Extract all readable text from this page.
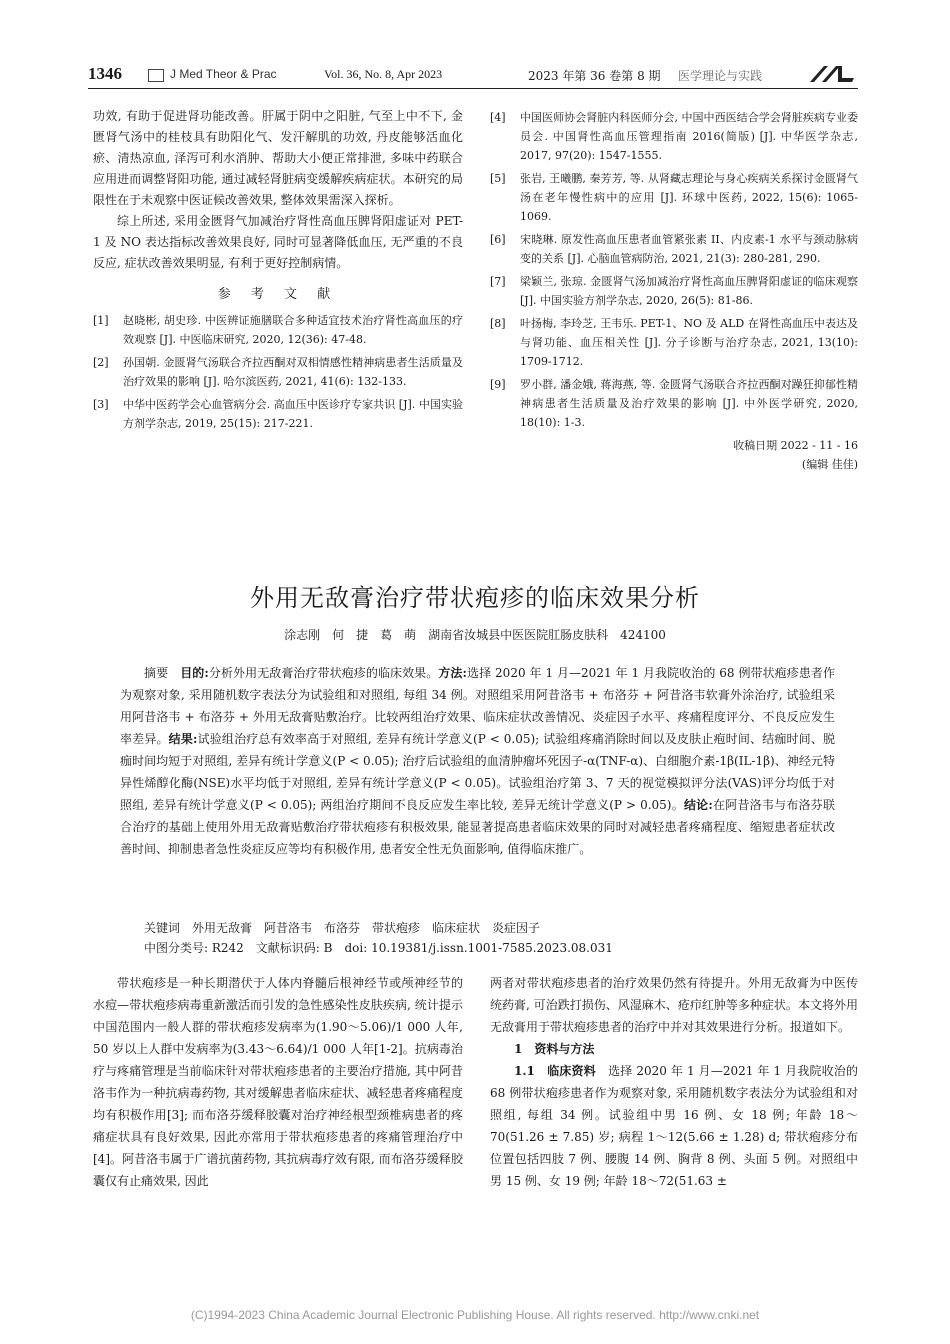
1346	J Med Theor & Prac	Vol. 36, No. 8, Apr 2023	2023 年第 36 卷第 8 期 医学理论与实践

功效, 有助于促进肾功能改善。肝属于阴中之阳脏, 气至上中不下, 金匮肾气汤中的桂枝具有助阳化气、发汗解肌的功效, 丹皮能够活血化瘀、清热凉血, 泽泻可利水消肿、帮助大小便正常排泄, 多味中药联合应用进而调整肾阳功能, 通过减轻肾脏病变缓解疾病症状。本研究的局限性在于未观察中医证候改善效果, 整体效果需深入探析。

综上所述, 采用金匮肾气加减治疗肾性高血压脾肾阳虚证对 PET-1 及 NO 表达指标改善效果良好, 同时可显著降低血压, 无严重的不良反应, 症状改善效果明显, 有利于更好控制病情。

参 考 文 献
[1]	赵晓彬, 胡史珍. 中医辨证施膳联合多种适宜技术治疗肾性高血压的疗效观察 [J]. 中医临床研究, 2020, 12(36): 47-48.
[2]	孙国朝. 金匮肾气汤联合齐拉西酮对双相情感性精神病患者生活质量及治疗效果的影响 [J]. 哈尔滨医药, 2021, 41(6): 132-133.
[3]	中华中医药学会心血管病分会. 高血压中医诊疗专家共识 [J]. 中国实验方剂学杂志, 2019, 25(15): 217-221.
[4]	中国医师协会肾脏内科医师分会, 中国中西医结合学会肾脏疾病专业委员会. 中国肾性高血压管理指南 2016(简版) [J]. 中华医学杂志, 2017, 97(20): 1547-1555.
[5]	张岩, 王曦鹏, 秦芳芳, 等. 从肾藏志理论与身心疾病关系探讨金匮肾气汤在老年慢性病中的应用 [J]. 环球中医药, 2022, 15(6): 1065-1069.
[6]	宋晓琳. 原发性高血压患者血管紧张素 II、内皮素-1 水平与颈动脉病变的关系 [J]. 心脑血管病防治, 2021, 21(3): 280-281, 290.
[7]	梁颖兰, 张琼. 金匮肾气汤加减治疗肾性高血压脾肾阳虚证的临床观察 [J]. 中国实验方剂学杂志, 2020, 26(5): 81-86.
[8]	叶扬梅, 李玲芝, 王韦乐. PET-1、NO 及 ALD 在肾性高血压中表达及与肾功能、血压相关性 [J]. 分子诊断与治疗杂志, 2021, 13(10): 1709-1712.
[9]	罗小群, 潘金娥, 蒋海燕, 等. 金匮肾气汤联合齐拉西酮对躁狂抑郁性精神病患者生活质量及治疗效果的影响 [J]. 中外医学研究, 2020, 18(10): 1-3.
收稿日期 2022 - 11 - 16
(编辑 佳佳)
外用无敌膏治疗带状疱疹的临床效果分析
涂志刚　何　捷　葛　萌　湖南省汝城县中医医院肛肠皮肤科　424100

摘要　 目的:分析外用无敌膏治疗带状疱疹的临床效果。方法:选择 2020 年 1 月—2021 年 1 月我院收治的 68 例带状疱疹患者作为观察对象, 采用随机数字表法分为试验组和对照组, 每组 34 例。对照组采用阿昔洛韦 + 布洛芬 + 阿昔洛韦软膏外涂治疗, 试验组采用阿昔洛韦 + 布洛芬 + 外用无敌膏贴敷治疗。比较两组治疗效果、临床症状改善情况、炎症因子水平、疼痛程度评分、不良反应发生率差异。结果:试验组治疗总有效率高于对照组, 差异有统计学意义(P < 0.05); 试验组疼痛消除时间以及皮肤止疱时间、结痂时间、脱痂时间均短于对照组, 差异有统计学意义(P < 0.05); 治疗后试验组的血清肿瘤坏死因子-α(TNF-α)、白细胞介素-1β(IL-1β)、神经元特异性烯醇化酶(NSE)水平均低于对照组, 差异有统计学意义(P < 0.05)。试验组治疗第 3、7 天的视觉模拟评分法(VAS)评分均低于对照组, 差异有统计学意义(P < 0.05); 两组治疗期间不良反应发生率比较, 差异无统计学意义(P > 0.05)。结论:在阿昔洛韦与布洛芬联合治疗的基础上使用外用无敌膏贴敷治疗带状疱疹有积极效果, 能显著提高患者临床效果的同时对减轻患者疼痛程度、缩短患者症状改善时间、抑制患者急性炎症反应等均有积极作用, 患者安全性无负面影响, 值得临床推广。

关键词　外用无敌膏　阿昔洛韦　布洛芬　带状疱疹　临床症状　炎症因子

中图分类号: R242　文献标识码: B　doi: 10.19381/j.issn.1001-7585.2023.08.031

带状疱疹是一种长期潜伏于人体内脊髓后根神经节或颅神经节的水痘—带状疱疹病毒重新激活而引发的急性感染性皮肤疾病, 统计提示中国范围内一般人群的带状疱疹发病率为(1.90～5.06)/1 000 人年, 50 岁以上人群中发病率为(3.43～6.64)/1 000 人年[1-2]。抗病毒治疗与疼痛管理是当前临床针对带状疱疹患者的主要治疗措施, 其中阿昔洛韦作为一种抗病毒药物, 其对缓解患者临床症状、减轻患者疼痛程度均有积极作用[3]; 而布洛芬缓释胶囊对治疗神经根型颈椎病患者的疼痛症状具有良好效果, 因此亦常用于带状疱疹患者的疼痛管理治疗中[4]。阿昔洛韦属于广谱抗菌药物, 其抗病毒疗效有限, 而布洛芬缓释胶囊仅有止痛效果, 因此

两者对带状疱疹患者的治疗效果仍然有待提升。外用无敌膏为中医传统药膏, 可治跌打损伤、风湿麻木、疮疖红肿等多种症状。本文将外用无敌膏用于带状疱疹患者的治疗中并对其效果进行分析。报道如下。

1　资料与方法

1.1　临床资料　 选择 2020 年 1 月—2021 年 1 月我院收治的 68 例带状疱疹患者作为观察对象, 采用随机数字表法分为试验组和对照组, 每组 34 例。试验组中男 16 例、女 18 例; 年龄 18～70(51.26 ± 7.85) 岁; 病程 1～12(5.66 ± 1.28) d; 带状疱疹分布位置包括四肢 7 例、腰腹 14 例、胸背 8 例、头面 5 例。对照组中男 15 例、女 19 例; 年龄 18～72(51.63 ±

(C)1994-2023 China Academic Journal Electronic Publishing House. All rights reserved. http://www.cnki.net
